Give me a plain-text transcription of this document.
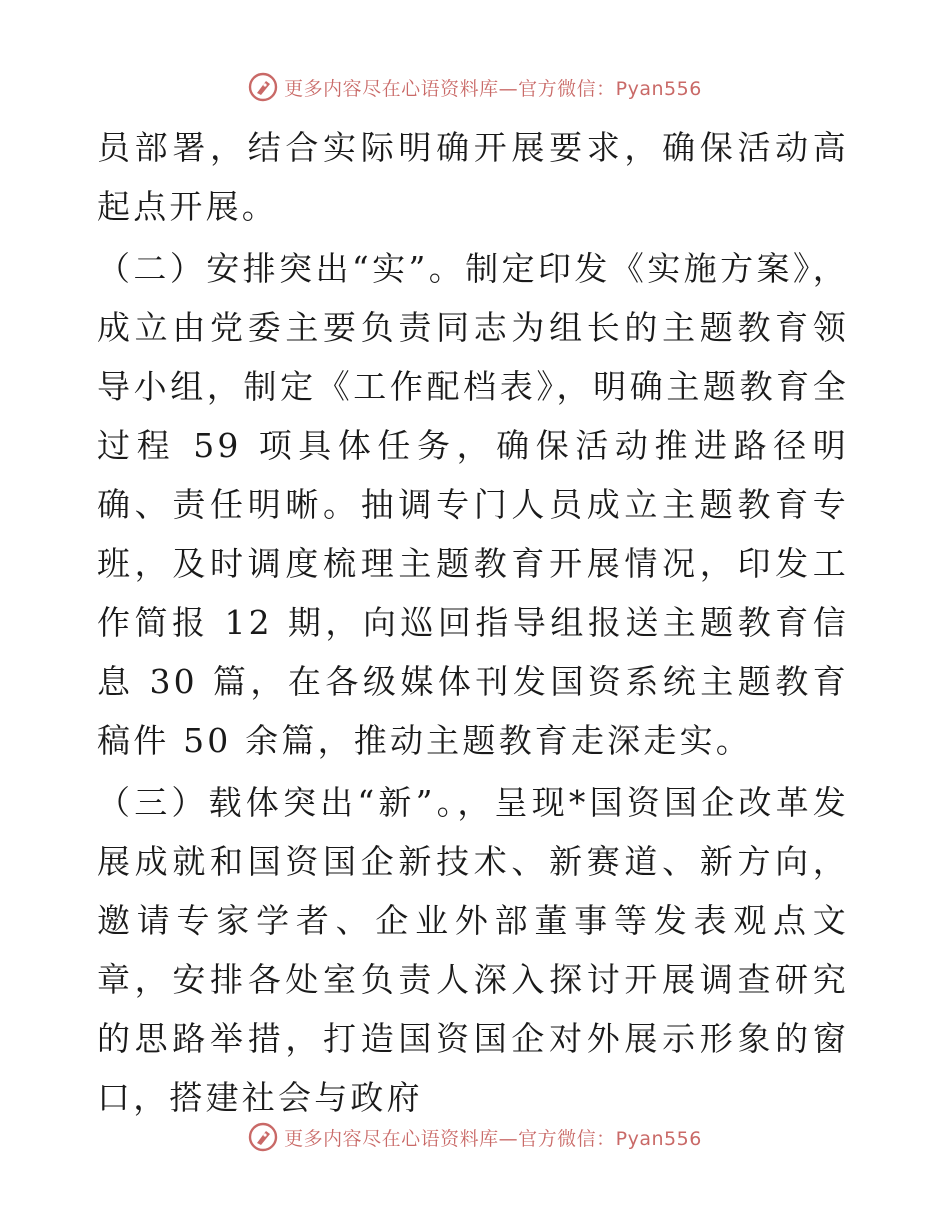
更多内容尽在心语资料库—官方微信：Pyan556

员部署，结合实际明确开展要求，确保活动高起点开展。

（二）安排突出“实”。制定印发《实施方案》，成立由党委主要负责同志为组长的主题教育领导小组，制定《工作配档表》，明确主题教育全过程 59 项具体任务，确保活动推进路径明确、责任明晰。抽调专门人员成立主题教育专班，及时调度梳理主题教育开展情况，印发工作简报 12 期，向巡回指导组报送主题教育信息 30 篇，在各级媒体刊发国资系统主题教育稿件 50 余篇，推动主题教育走深走实。

（三）载体突出“新”。，呈现*国资国企改革发展成就和国资国企新技术、新赛道、新方向，邀请专家学者、企业外部董事等发表观点文章，安排各处室负责人深入探讨开展调查研究的思路举措，打造国资国企对外展示形象的窗口，搭建社会与政府

更多内容尽在心语资料库—官方微信：Pyan556
